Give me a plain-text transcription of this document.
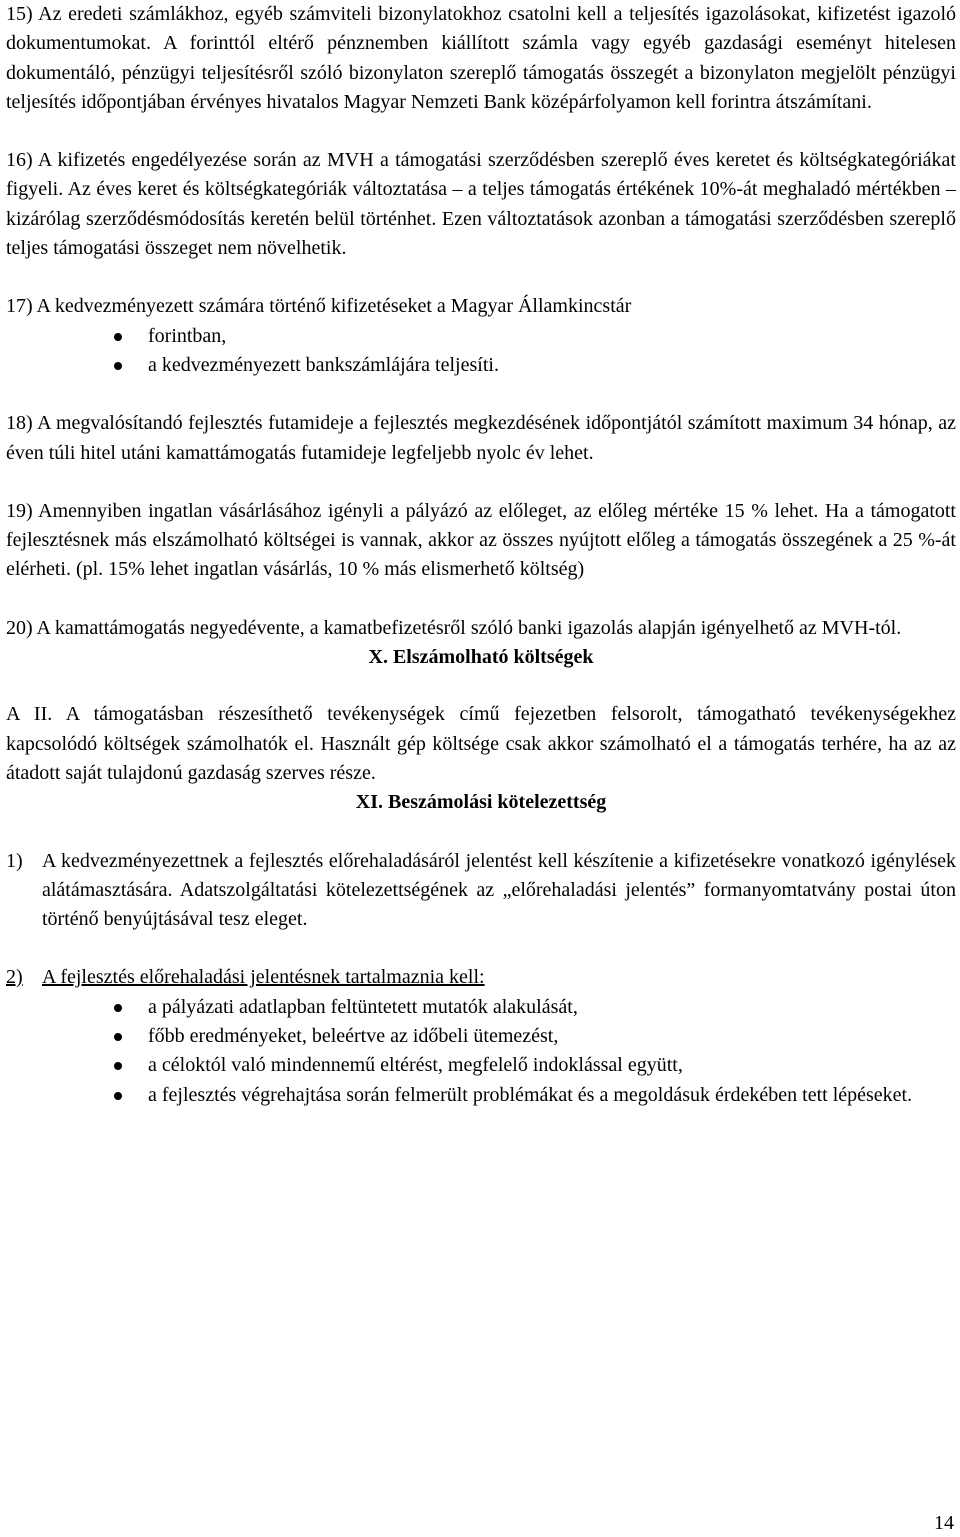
15) Az eredeti számlákhoz, egyéb számviteli bizonylatokhoz csatolni kell a teljesítés igazolásokat, kifizetést igazoló dokumentumokat. A forinttól eltérő pénznemben kiállított számla vagy egyéb gazdasági eseményt hitelesen dokumentáló, pénzügyi teljesítésről szóló bizonylaton szereplő támogatás összegét a bizonylaton megjelölt pénzügyi teljesítés időpontjában érvényes hivatalos Magyar Nemzeti Bank középárfolyamon kell forintra átszámítani.

16) A kifizetés engedélyezése során az MVH a támogatási szerződésben szereplő éves keretet és költségkategóriákat figyeli. Az éves keret és költségkategóriák változtatása – a teljes támogatás értékének 10%-át meghaladó mértékben – kizárólag szerződésmódosítás keretén belül történhet. Ezen változtatások azonban a támogatási szerződésben szereplő teljes támogatási összeget nem növelhetik.

17) A kedvezményezett számára történő kifizetéseket a Magyar Államkincstár

forintban,
a kedvezményezett bankszámlájára teljesíti.

18) A megvalósítandó fejlesztés futamideje a fejlesztés megkezdésének időpontjától számított maximum 34 hónap, az éven túli hitel utáni kamattámogatás futamideje legfeljebb nyolc év lehet.

19) Amennyiben ingatlan vásárlásához igényli a pályázó az előleget, az előleg mértéke 15 % lehet. Ha a támogatott fejlesztésnek más elszámolható költségei is vannak, akkor az összes nyújtott előleg a támogatás összegének a 25 %-át elérheti. (pl. 15% lehet ingatlan vásárlás, 10 % más elismerhető költség)

20) A kamattámogatás negyedévente, a kamatbefizetésről szóló banki igazolás alapján igényelhető az MVH-tól.

X. Elszámolható költségek

A II. A támogatásban részesíthető tevékenységek című fejezetben felsorolt, támogatható tevékenységekhez kapcsolódó költségek számolhatók el. Használt gép költsége csak akkor számolható el a támogatás terhére, ha az az átadott saját tulajdonú gazdaság szerves része.

XI. Beszámolási kötelezettség
1) A kedvezményezettnek a fejlesztés előrehaladásáról jelentést kell készítenie a kifizetésekre vonatkozó igénylések alátámasztására. Adatszolgáltatási kötelezettségének az „előrehaladási jelentés” formanyomtatvány postai úton történő benyújtásával tesz eleget.
2) A fejlesztés előrehaladási jelentésnek tartalmaznia kell:
a pályázati adatlapban feltüntetett mutatók alakulását,
főbb eredményeket, beleértve az időbeli ütemezést,
a céloktól való mindennemű eltérést, megfelelő indoklással együtt,
a fejlesztés végrehajtása során felmerült problémákat és a megoldásuk érdekében tett lépéseket.
14
